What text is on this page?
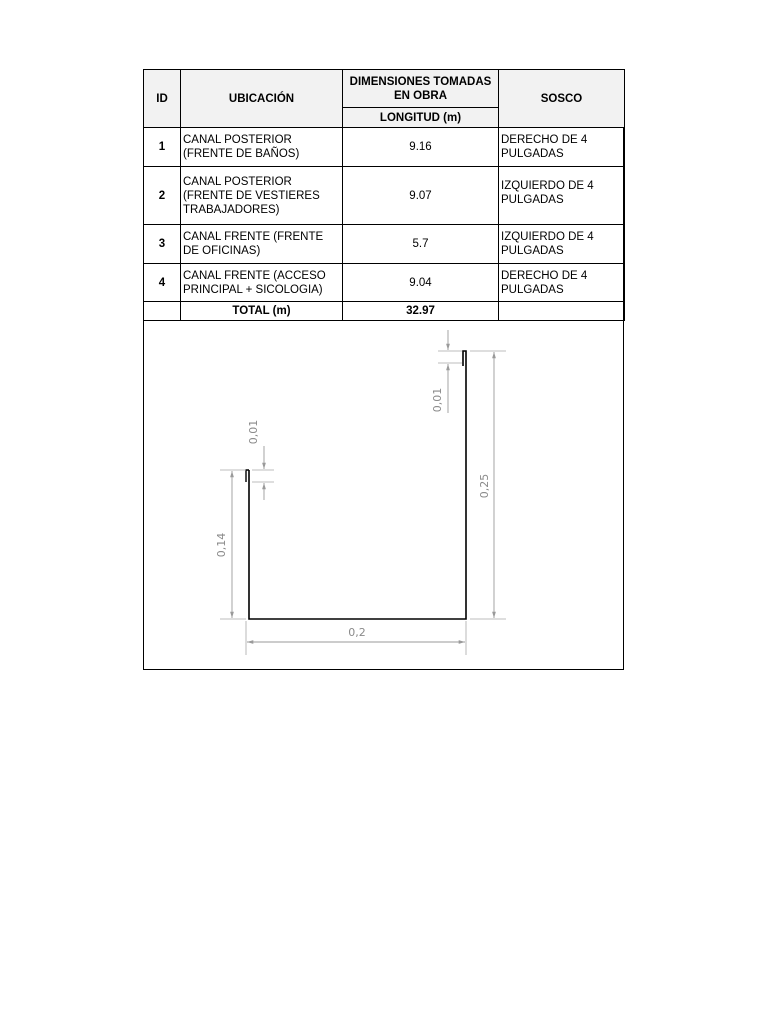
ID	UBICACIÓN	DIMENSIONES TOMADAS EN OBRA	SOSCO
		LONGITUD (m)	
1	CANAL POSTERIOR (FRENTE DE BAÑOS)	9.16	DERECHO DE 4 PULGADAS
2	CANAL POSTERIOR (FRENTE DE VESTIERES TRABAJADORES)	9.07	IZQUIERDO DE 4 PULGADAS
3	CANAL FRENTE (FRENTE DE OFICINAS)	5.7	IZQUIERDO DE 4 PULGADAS
4	CANAL FRENTE (ACCESO PRINCIPAL + SICOLOGIA)	9.04	DERECHO DE 4 PULGADAS
	TOTAL (m)	32.97	
0,2
0,14
0,25
0,01
0,01
